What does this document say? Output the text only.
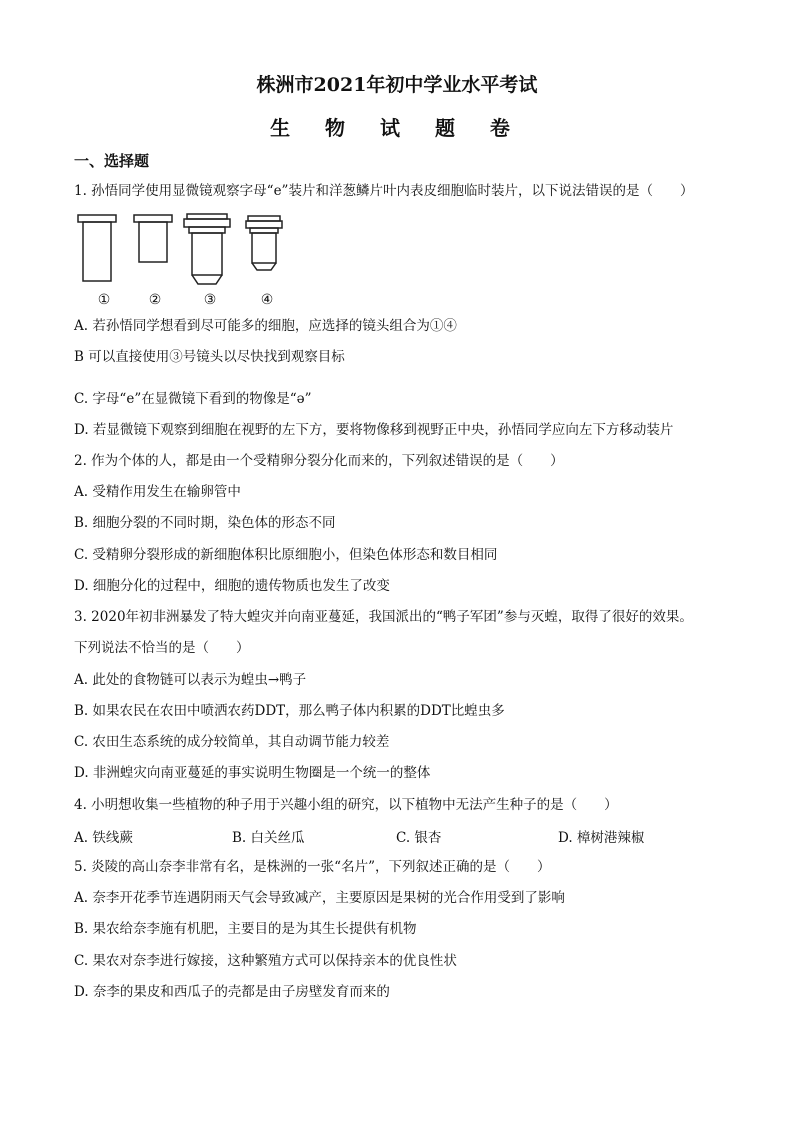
株洲市2021年初中学业水平考试
生 物 试 题 卷
一、选择题
1. 孙悟同学使用显微镜观察字母“e”装片和洋葱鳞片叶内表皮细胞临时装片，以下说法错误的是（　　）
①	②	③	④
A. 若孙悟同学想看到尽可能多的细胞，应选择的镜头组合为①④
B 可以直接使用③号镜头以尽快找到观察目标
C. 字母“e”在显微镜下看到的物像是“ə”
D. 若显微镜下观察到细胞在视野的左下方，要将物像移到视野正中央，孙悟同学应向左下方移动装片
2. 作为个体的人，都是由一个受精卵分裂分化而来的，下列叙述错误的是（　　）
A. 受精作用发生在输卵管中
B. 细胞分裂的不同时期，染色体的形态不同
C. 受精卵分裂形成的新细胞体积比原细胞小，但染色体形态和数目相同
D. 细胞分化的过程中，细胞的遗传物质也发生了改变
3. 2020年初非洲暴发了特大蝗灾并向南亚蔓延，我国派出的“鸭子军团”参与灭蝗，取得了很好的效果。
下列说法不恰当的是（　　）
A. 此处的食物链可以表示为蝗虫→鸭子
B. 如果农民在农田中喷洒农药DDT，那么鸭子体内积累的DDT比蝗虫多
C. 农田生态系统的成分较简单，其自动调节能力较差
D. 非洲蝗灾向南亚蔓延的事实说明生物圈是一个统一的整体
4. 小明想收集一些植物的种子用于兴趣小组的研究，以下植物中无法产生种子的是（　　）
A. 铁线蕨	B. 白关丝瓜	C. 银杏	D. 樟树港辣椒
5. 炎陵的高山奈李非常有名，是株洲的一张“名片”，下列叙述正确的是（　　）
A. 奈李开花季节连遇阴雨天气会导致减产，主要原因是果树的光合作用受到了影响
B. 果农给奈李施有机肥，主要目的是为其生长提供有机物
C. 果农对奈李进行嫁接，这种繁殖方式可以保持亲本的优良性状
D. 奈李的果皮和西瓜子的壳都是由子房壁发育而来的
